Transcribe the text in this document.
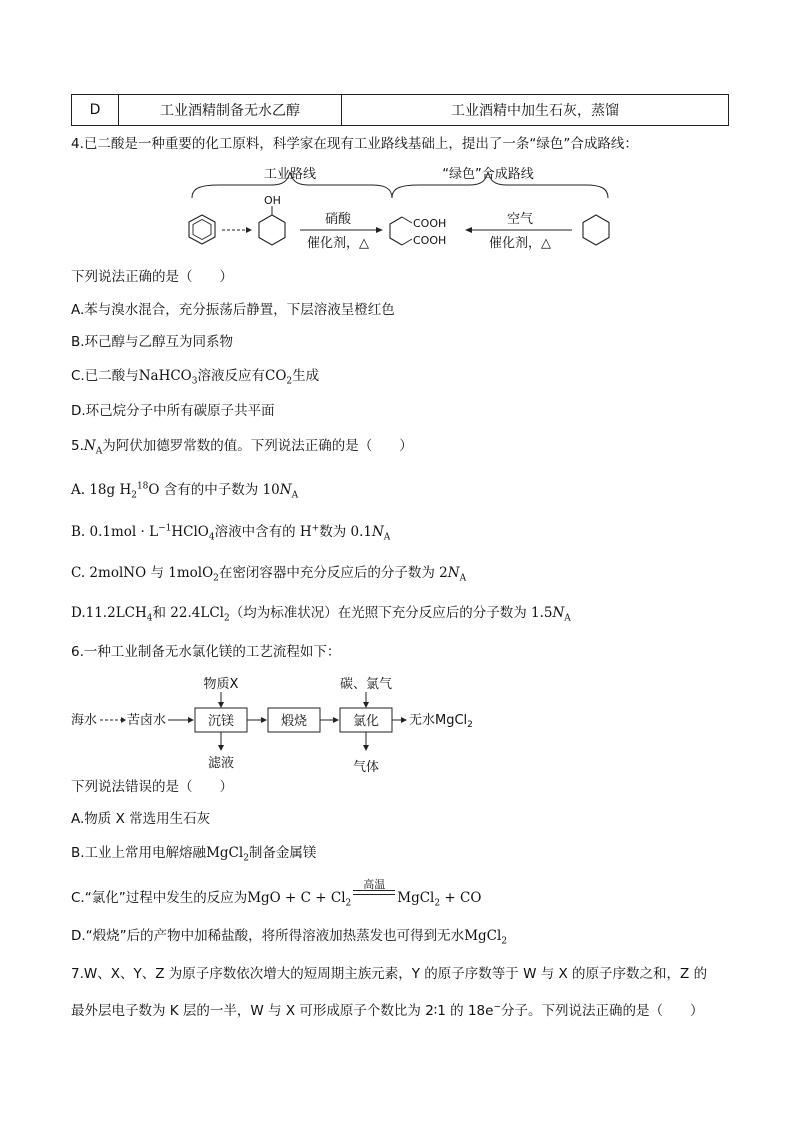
D	工业酒精制备无水乙醇	工业酒精中加生石灰，蒸馏
4.已二酸是一种重要的化工原料，科学家在现有工业路线基础上，提出了一条“绿色”合成路线：
工业路线	“绿色”合成路线
OH
硝酸
催化剂，△
COOH
COOH
空气
催化剂，△
下列说法正确的是（　　）
A.苯与溴水混合，充分振荡后静置，下层溶液呈橙红色
B.环己醇与乙醇互为同系物
C.已二酸与NaHCO$_3$溶液反应有$CO_2$生成
D.环己烷分子中所有碳原子共平面
$5.N_A$为阿伏加德罗常数的值。下列说法正确的是（　　）
A. 18g $H_2^{18}O$ 含有的中子数为 $10N_A$
B. $0.1mol \cdot L^{-1}HClO_4$溶液中含有的 H+数为 $0.1N_A$
C. 2molNO 与 1molO$_2$在密闭容器中充分反应后的分子数为 $2N_A$
$D.11.2LCH_4$和 22.4LCl$_2$（均为标准状况）在光照下充分反应后的分子数为 $1.5N_A$
6.一种工业制备无水氯化镁的工艺流程如下：
海水 苦卤水	沉镁	煅烧	氯化 无水MgCl$_2$
物质X
滤液
碳、氯气
气体
下列说法错误的是（　　）
A.物质 X 常选用生石灰
B.工业上常用电解熔融MgCl$_2$制备金属镁
C.“氯化”过程中发生的反应为MgO + $C + Cl_2$
高温
MgCl$_2$ + CO
D.“煅烧”后的产物中加稀盐酸，将所得溶液加热蒸发也可得到无水MgCl$_2$
7.W、X、Y、Z 为原子序数依次增大的短周期主族元素，Y 的原子序数等于 W 与 X 的原子序数之和，Z 的
最外层电子数为 K 层的一半，W 与 X 可形成原子个数比为 2∶1 的 18e−分子。下列说法正确的是（　　）
